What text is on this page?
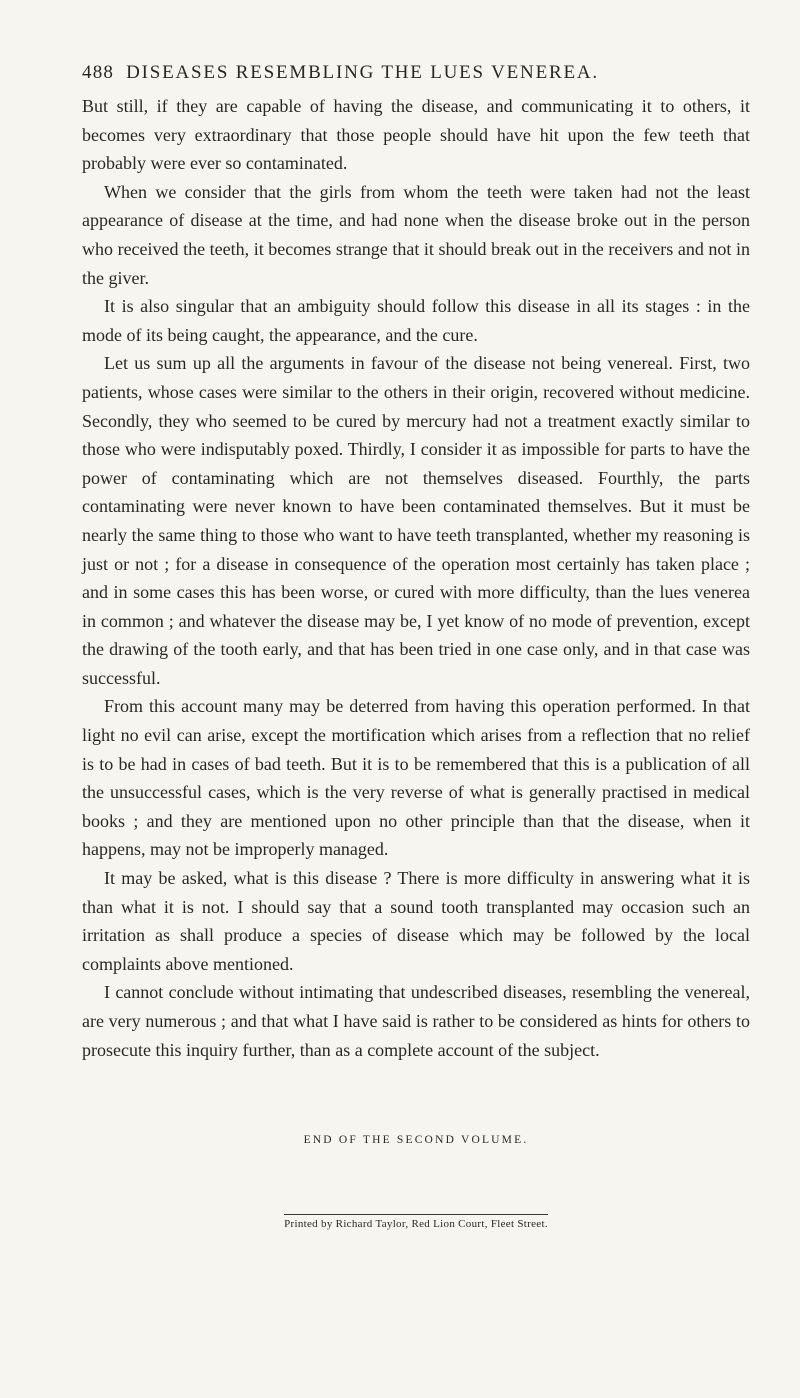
488 DISEASES RESEMBLING THE LUES VENEREA.

But still, if they are capable of having the disease, and communicating it to others, it becomes very extraordinary that those people should have hit upon the few teeth that probably were ever so contaminated.

When we consider that the girls from whom the teeth were taken had not the least appearance of disease at the time, and had none when the disease broke out in the person who received the teeth, it becomes strange that it should break out in the receivers and not in the giver.

It is also singular that an ambiguity should follow this disease in all its stages : in the mode of its being caught, the appearance, and the cure.

Let us sum up all the arguments in favour of the disease not being venereal. First, two patients, whose cases were similar to the others in their origin, recovered without medicine. Secondly, they who seemed to be cured by mercury had not a treatment exactly similar to those who were indisputably poxed. Thirdly, I consider it as impossible for parts to have the power of contaminating which are not themselves diseased. Fourthly, the parts contaminating were never known to have been contaminated themselves. But it must be nearly the same thing to those who want to have teeth transplanted, whether my reasoning is just or not ; for a disease in consequence of the operation most certainly has taken place ; and in some cases this has been worse, or cured with more difficulty, than the lues venerea in common ; and whatever the disease may be, I yet know of no mode of prevention, except the drawing of the tooth early, and that has been tried in one case only, and in that case was successful.

From this account many may be deterred from having this operation performed. In that light no evil can arise, except the mortification which arises from a reflection that no relief is to be had in cases of bad teeth. But it is to be remembered that this is a publication of all the unsuccessful cases, which is the very reverse of what is generally practised in medical books ; and they are mentioned upon no other principle than that the disease, when it happens, may not be improperly managed.

It may be asked, what is this disease ? There is more difficulty in answering what it is than what it is not. I should say that a sound tooth transplanted may occasion such an irritation as shall produce a species of disease which may be followed by the local complaints above mentioned.

I cannot conclude without intimating that undescribed diseases, resembling the venereal, are very numerous ; and that what I have said is rather to be considered as hints for others to prosecute this inquiry further, than as a complete account of the subject.

END OF THE SECOND VOLUME.
Printed by Richard Taylor, Red Lion Court, Fleet Street.
